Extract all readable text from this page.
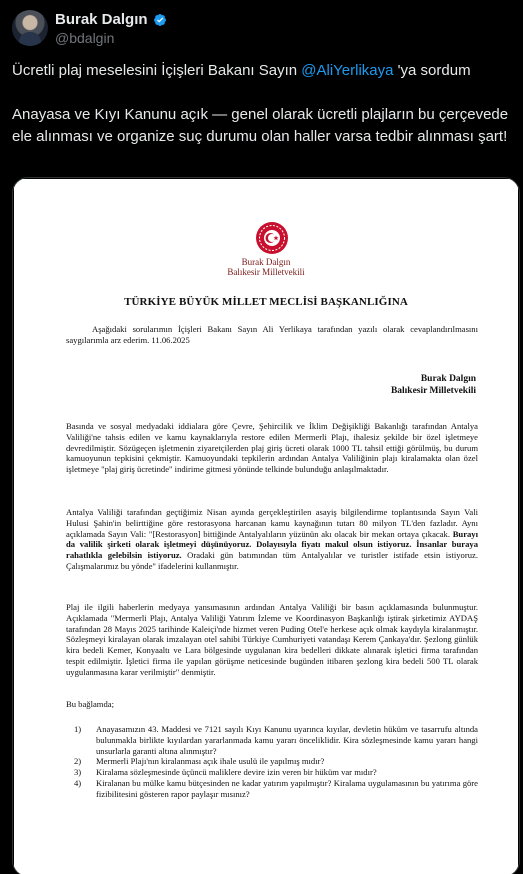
Burak Dalgın
@bdalgin

Ücretli plaj meselesini İçişleri Bakanı Sayın @AliYerlikaya 'ya sordum

Anayasa ve Kıyı Kanunu açık — genel olarak ücretli plajların bu çerçevede ele alınması ve organize suç durumu olan haller varsa tedbir alınması şart!

Burak Dalgın
Balıkesir Milletvekili
TÜRKİYE BÜYÜK MİLLET MECLİSİ BAŞKANLIĞINA
Aşağıdaki sorularımın İçişleri Bakanı Sayın Ali Yerlikaya tarafından yazılı olarak cevaplandırılmasını saygılarımla arz ederim. 11.06.2025
Burak Dalgın
Balıkesir Milletvekili
Basında ve sosyal medyadaki iddialara göre Çevre, Şehircilik ve İklim Değişikliği Bakanlığı tarafından Antalya Valiliği'ne tahsis edilen ve kamu kaynaklarıyla restore edilen Mermerli Plajı, ihalesiz şekilde bir özel işletmeye devredilmiştir. Sözügeçen işletmenin ziyaretçilerden plaj giriş ücreti olarak 1000 TL tahsil ettiği görülmüş, bu durum kamuoyunun tepkisini çekmiştir. Kamuoyundaki tepkilerin ardından Antalya Valiliğinin plajı kiralamakta olan özel işletmeye "plaj giriş ücretinde" indirime gitmesi yönünde telkinde bulunduğu anlaşılmaktadır.
Antalya Valiliği tarafından geçtiğimiz Nisan ayında gerçekleştirilen asayiş bilgilendirme toplantısında Sayın Vali Hulusi Şahin'in belirttiğine göre restorasyona harcanan kamu kaynağının tutarı 80 milyon TL'den fazladır. Aynı açıklamada Sayın Vali: "[Restorasyon] bittiğinde Antalyalıların yüzünün akı olacak bir mekan ortaya çıkacak. Burayı da valilik şirketi olarak işletmeyi düşünüyoruz. Dolayısıyla fiyatı makul olsun istiyoruz. İnsanlar buraya rahatlıkla gelebilsin istiyoruz. Oradaki gün batımından tüm Antalyalılar ve turistler istifade etsin istiyoruz. Çalışmalarımız bu yönde" ifadelerini kullanmıştır.
Plaj ile ilgili haberlerin medyaya yansımasının ardından Antalya Valiliği bir basın açıklamasında bulunmuştur. Açıklamada "Mermerli Plajı, Antalya Valiliği Yatırım İzleme ve Koordinasyon Başkanlığı iştirak şirketimiz AYDAŞ tarafından 28 Mayıs 2025 tarihinde Kaleiçi'nde hizmet veren Puding Otel'e herkese açık olmak kaydıyla kiralanmıştır. Sözleşmeyi kiralayan olarak imzalayan otel sahibi Türkiye Cumhuriyeti vatandaşı Kerem Çankaya'dır. Şezlong günlük kira bedeli Kemer, Konyaaltı ve Lara bölgesinde uygulanan kira bedelleri dikkate alınarak işletici firma tarafından tespit edilmiştir. İşletici firma ile yapılan görüşme neticesinde bugünden itibaren şezlong kira bedeli 500 TL olarak uygulanmasına karar verilmiştir" denmiştir.
Bu bağlamda;
1) Anayasamızın 43. Maddesi ve 7121 sayılı Kıyı Kanunu uyarınca kıyılar, devletin hüküm ve tasarrufu altında bulunmakla birlikte kıyılardan yararlanmada kamu yararı önceliklidir. Kira sözleşmesinde kamu yararı hangi unsurlarla garanti altına alınmıştır?
2) Mermerli Plajı'nın kiralanması açık ihale usulü ile yapılmış mıdır?
3) Kiralama sözleşmesinde üçüncü maliklere devire izin veren bir hüküm var mıdır?
4) Kiralanan bu mülke kamu bütçesinden ne kadar yatırım yapılmıştır? Kiralama uygulamasının bu yatırıma göre fizibilitesini gösteren rapor paylaşır mısınız?
